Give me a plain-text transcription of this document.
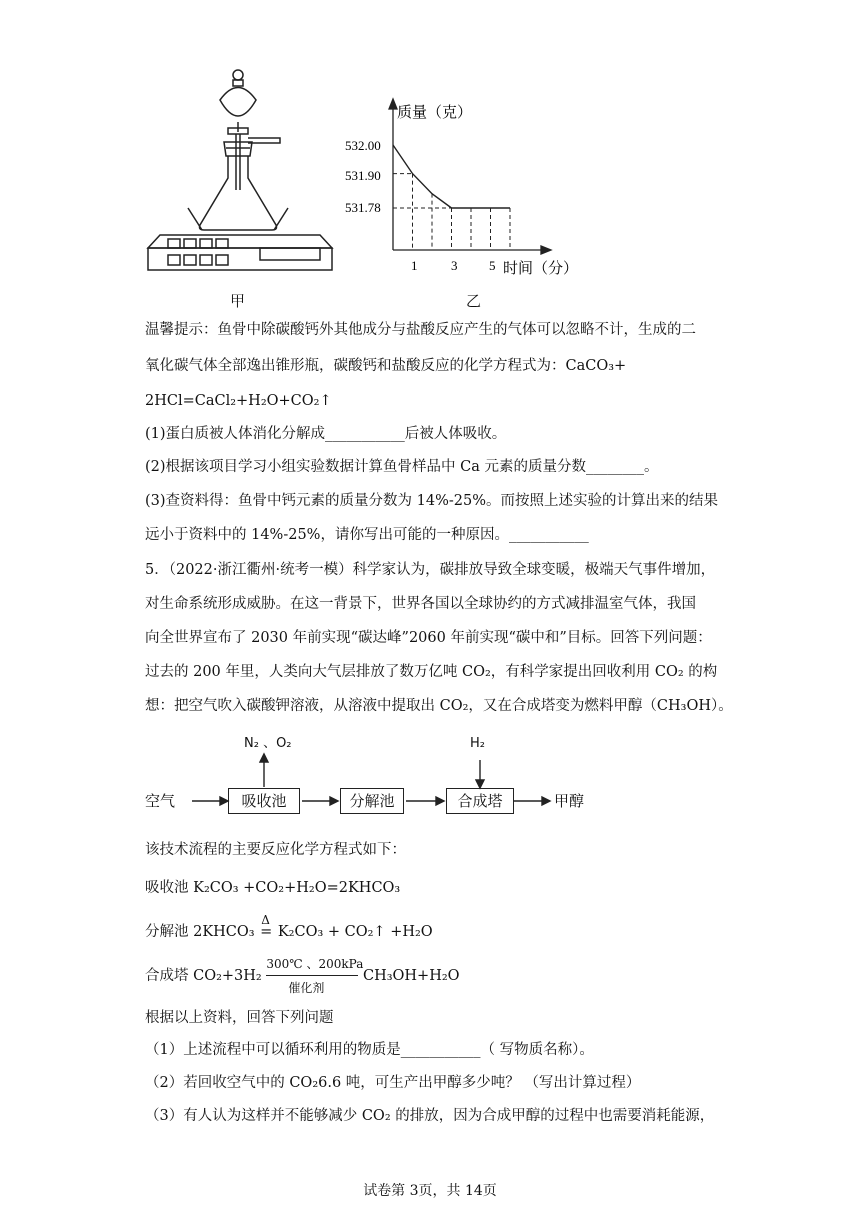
甲
质量（克）
时间（分）
532.00
531.90
531.78
1	3 5
乙
温馨提示：鱼骨中除碳酸钙外其他成分与盐酸反应产生的气体可以忽略不计，生成的二
氧化碳气体全部逸出锥形瓶，碳酸钙和盐酸反应的化学方程式为：CaCO₃+
2HCl=CaCl₂+H₂O+CO₂↑
(1)蛋白质被人体消化分解成___________后被人体吸收。
(2)根据该项目学习小组实验数据计算鱼骨样品中 Ca 元素的质量分数________。
(3)查资料得：鱼骨中钙元素的质量分数为 14%-25%。而按照上述实验的计算出来的结果
远小于资料中的 14%-25%，请你写出可能的一种原因。___________
5．（2022·浙江衢州·统考一模）科学家认为，碳排放导致全球变暖，极端天气事件增加，
对生命系统形成威胁。在这一背景下，世界各国以全球协约的方式减排温室气体，我国
向全世界宣布了 2030 年前实现“碳达峰”2060 年前实现“碳中和”目标。回答下列问题：
过去的 200 年里，人类向大气层排放了数万亿吨 CO₂，有科学家提出回收利用 CO₂ 的构
想：把空气吹入碳酸钾溶液，从溶液中提取出 CO₂，又在合成塔变为燃料甲醇（CH₃OH）。
N₂ 、O₂	H₂
空气	吸收池	分解池	合成塔	甲醇
该技术流程的主要反应化学方程式如下：
吸收池 K₂CO₃ +CO₂+H₂O=2KHCO₃
分解池 2KHCO₃
Δ
= K₂CO₃ + CO₂↑ +H₂O
合成塔 CO₂+3H₂
300℃ 、200kPa
催化剂
CH₃OH+H₂O
根据以上资料，回答下列问题
（1）上述流程中可以循环利用的物质是___________（ 写物质名称）。
（2）若回收空气中的 CO₂6.6 吨，可生产出甲醇多少吨？ （写出计算过程）
（3）有人认为这样并不能够减少 CO₂ 的排放，因为合成甲醇的过程中也需要消耗能源，
试卷第 3页，共 14页
